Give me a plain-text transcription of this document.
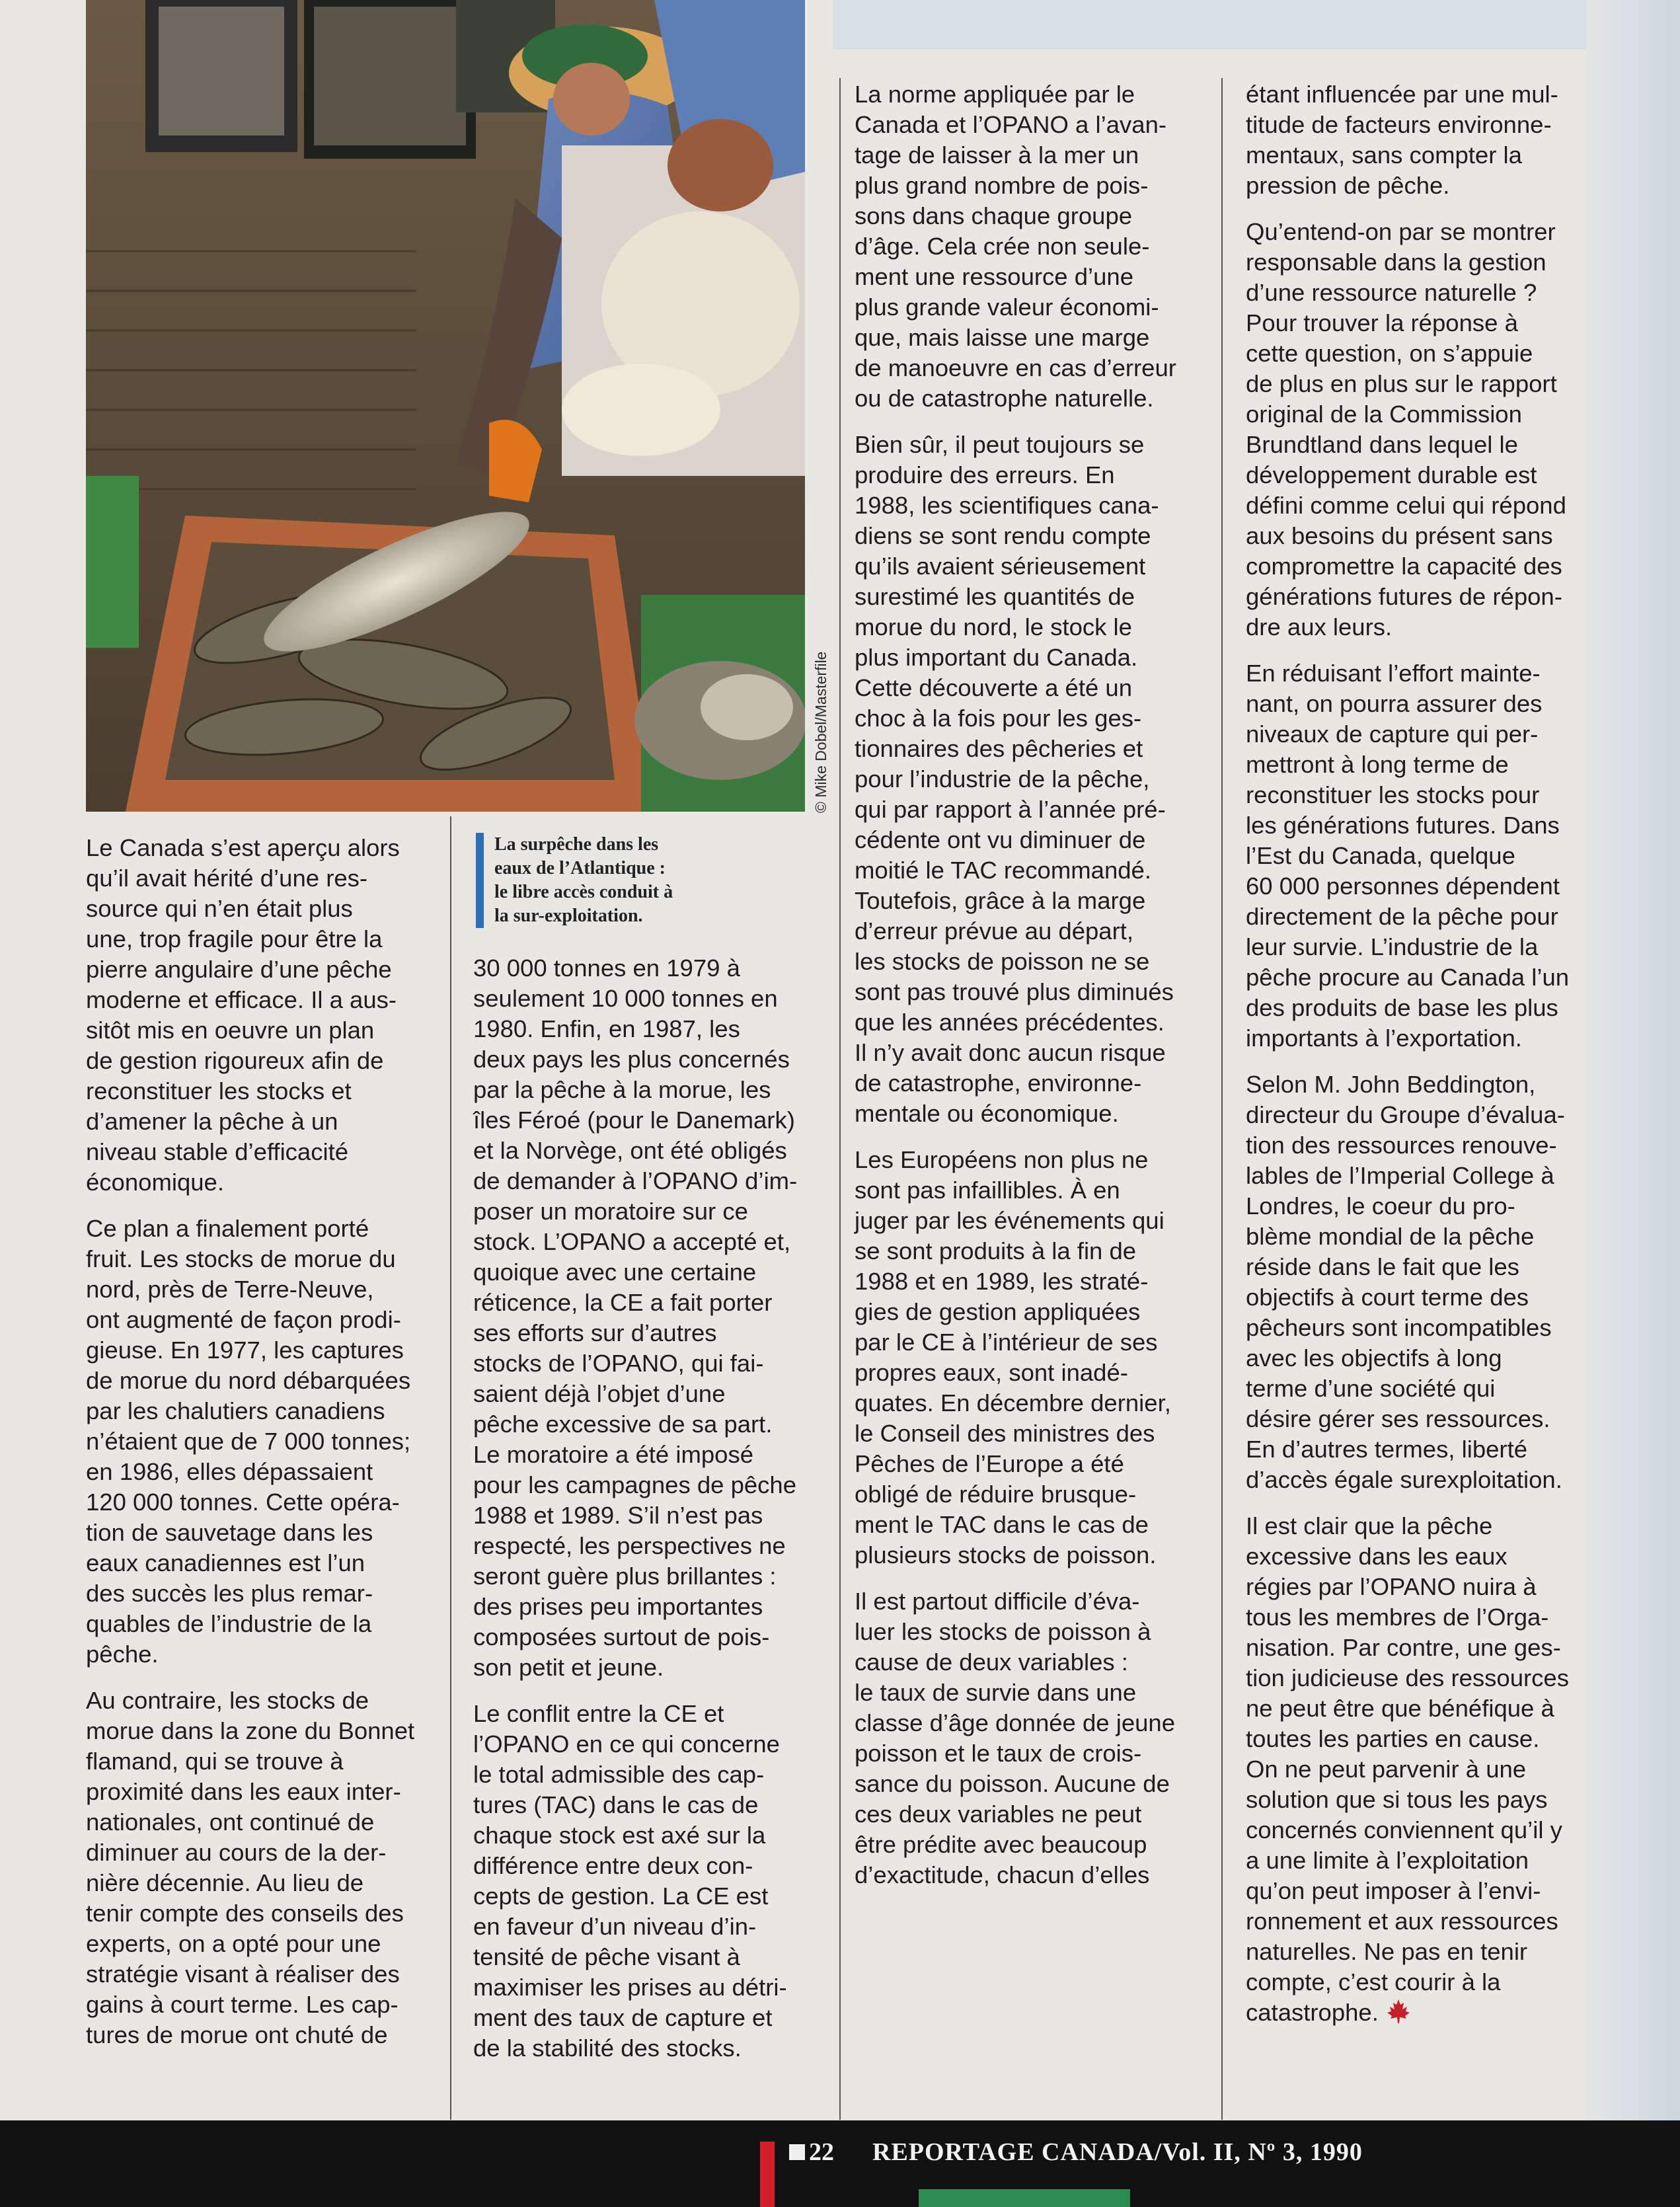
© Mike Dobel/Masterfile

Le Canada s’est aperçu alors
qu’il avait hérité d’une res-
source qui n’en était plus
une, trop fragile pour être la
pierre angulaire d’une pêche
moderne et efficace. Il a aus-
sitôt mis en oeuvre un plan
de gestion rigoureux afin de
reconstituer les stocks et
d’amener la pêche à un
niveau stable d’efficacité
économique.

Ce plan a finalement porté
fruit. Les stocks de morue du
nord, près de Terre-Neuve,
ont augmenté de façon prodi-
gieuse. En 1977, les captures
de morue du nord débarquées
par les chalutiers canadiens
n’étaient que de 7 000 tonnes;
en 1986, elles dépassaient
120 000 tonnes. Cette opéra-
tion de sauvetage dans les
eaux canadiennes est l’un
des succès les plus remar-
quables de l’industrie de la
pêche.

Au contraire, les stocks de
morue dans la zone du Bonnet
flamand, qui se trouve à
proximité dans les eaux inter-
nationales, ont continué de
diminuer au cours de la der-
nière décennie. Au lieu de
tenir compte des conseils des
experts, on a opté pour une
stratégie visant à réaliser des
gains à court terme. Les cap-
tures de morue ont chuté de

La surpêche dans les
eaux de l’Atlantique :
le libre accès conduit à
la sur-exploitation.

30 000 tonnes en 1979 à
seulement 10 000 tonnes en
1980. Enfin, en 1987, les
deux pays les plus concernés
par la pêche à la morue, les
îles Féroé (pour le Danemark)
et la Norvège, ont été obligés
de demander à l’OPANO d’im-
poser un moratoire sur ce
stock. L’OPANO a accepté et,
quoique avec une certaine
réticence, la CE a fait porter
ses efforts sur d’autres
stocks de l’OPANO, qui fai-
saient déjà l’objet d’une
pêche excessive de sa part.
Le moratoire a été imposé
pour les campagnes de pêche
1988 et 1989. S’il n’est pas
respecté, les perspectives ne
seront guère plus brillantes :
des prises peu importantes
composées surtout de pois-
son petit et jeune.

Le conflit entre la CE et
l’OPANO en ce qui concerne
le total admissible des cap-
tures (TAC) dans le cas de
chaque stock est axé sur la
différence entre deux con-
cepts de gestion. La CE est
en faveur d’un niveau d’in-
tensité de pêche visant à
maximiser les prises au détri-
ment des taux de capture et
de la stabilité des stocks.

La norme appliquée par le
Canada et l’OPANO a l’avan-
tage de laisser à la mer un
plus grand nombre de pois-
sons dans chaque groupe
d’âge. Cela crée non seule-
ment une ressource d’une
plus grande valeur économi-
que, mais laisse une marge
de manoeuvre en cas d’erreur
ou de catastrophe naturelle.

Bien sûr, il peut toujours se
produire des erreurs. En
1988, les scientifiques cana-
diens se sont rendu compte
qu’ils avaient sérieusement
surestimé les quantités de
morue du nord, le stock le
plus important du Canada.
Cette découverte a été un
choc à la fois pour les ges-
tionnaires des pêcheries et
pour l’industrie de la pêche,
qui par rapport à l’année pré-
cédente ont vu diminuer de
moitié le TAC recommandé.
Toutefois, grâce à la marge
d’erreur prévue au départ,
les stocks de poisson ne se
sont pas trouvé plus diminués
que les années précédentes.
Il n’y avait donc aucun risque
de catastrophe, environne-
mentale ou économique.

Les Européens non plus ne
sont pas infaillibles. À en
juger par les événements qui
se sont produits à la fin de
1988 et en 1989, les straté-
gies de gestion appliquées
par le CE à l’intérieur de ses
propres eaux, sont inadé-
quates. En décembre dernier,
le Conseil des ministres des
Pêches de l’Europe a été
obligé de réduire brusque-
ment le TAC dans le cas de
plusieurs stocks de poisson.

Il est partout difficile d’éva-
luer les stocks de poisson à
cause de deux variables :
le taux de survie dans une
classe d’âge donnée de jeune
poisson et le taux de crois-
sance du poisson. Aucune de
ces deux variables ne peut
être prédite avec beaucoup
d’exactitude, chacun d’elles

étant influencée par une mul-
titude de facteurs environne-
mentaux, sans compter la
pression de pêche.

Qu’entend-on par se montrer
responsable dans la gestion
d’une ressource naturelle ?
Pour trouver la réponse à
cette question, on s’appuie
de plus en plus sur le rapport
original de la Commission
Brundtland dans lequel le
développement durable est
défini comme celui qui répond
aux besoins du présent sans
compromettre la capacité des
générations futures de répon-
dre aux leurs.

En réduisant l’effort mainte-
nant, on pourra assurer des
niveaux de capture qui per-
mettront à long terme de
reconstituer les stocks pour
les générations futures. Dans
l’Est du Canada, quelque
60 000 personnes dépendent
directement de la pêche pour
leur survie. L’industrie de la
pêche procure au Canada l’un
des produits de base les plus
importants à l’exportation.

Selon M. John Beddington,
directeur du Groupe d’évalua-
tion des ressources renouve-
lables de l’Imperial College à
Londres, le coeur du pro-
blème mondial de la pêche
réside dans le fait que les
objectifs à court terme des
pêcheurs sont incompatibles
avec les objectifs à long
terme d’une société qui
désire gérer ses ressources.
En d’autres termes, liberté
d’accès égale surexploitation.

Il est clair que la pêche
excessive dans les eaux
régies par l’OPANO nuira à
tous les membres de l’Orga-
nisation. Par contre, une ges-
tion judicieuse des ressources
ne peut être que bénéfique à
toutes les parties en cause.
On ne peut parvenir à une
solution que si tous les pays
concernés conviennent qu’il y
a une limite à l’exploitation
qu’on peut imposer à l’envi-
ronnement et aux ressources
naturelles. Ne pas en tenir
compte, c’est courir à la
catastrophe.

22 REPORTAGE CANADA/Vol. II, Nº 3, 1990
